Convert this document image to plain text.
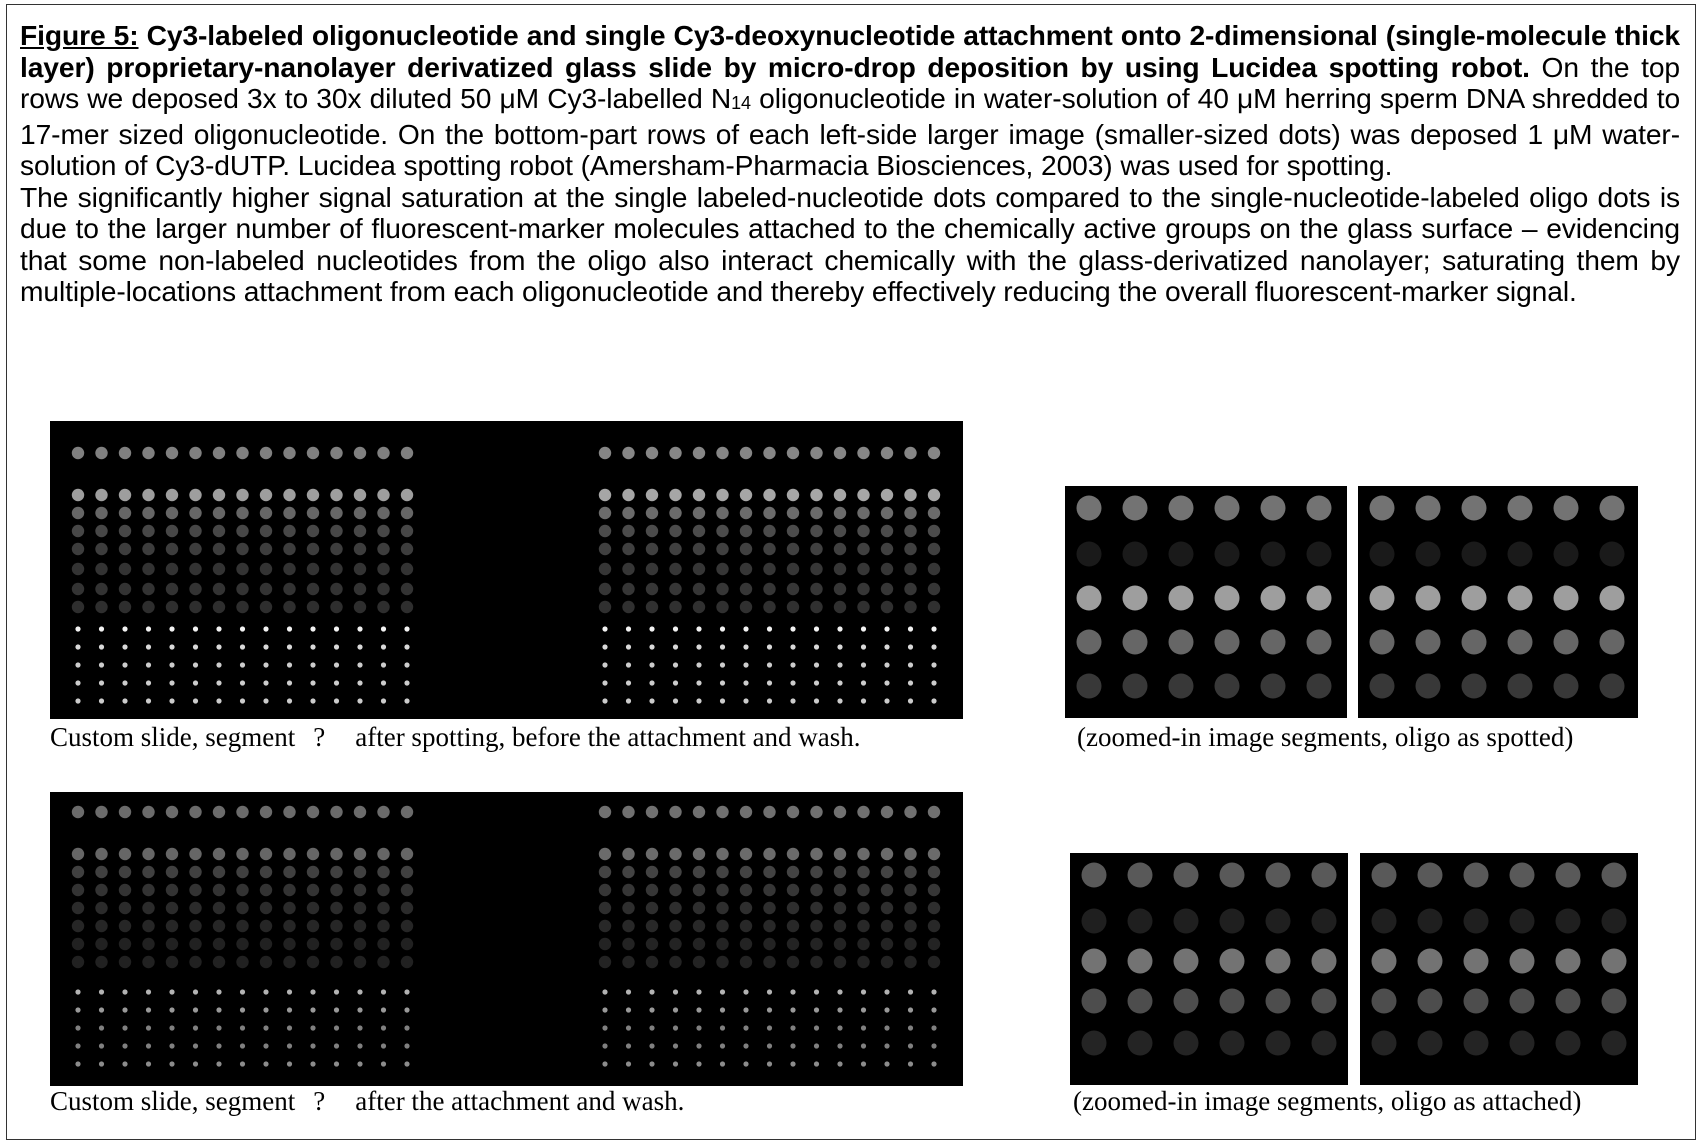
Figure 5: Cy3-labeled oligonucleotide and single Cy3-deoxynucleotide attachment onto 2-dimensional (single-molecule thick layer) proprietary-nanolayer derivatized glass slide by micro-drop deposition by using Lucidea spotting robot. On the top rows we deposed 3x to 30x diluted 50 μM Cy3-labelled $N_{14}$ oligonucleotide in water-solution of 40 μM herring sperm DNA shredded to 17-mer sized oligonucleotide. On the bottom-part rows of each left-side larger image (smaller-sized dots) was deposed 1 μM water-solution of Cy3-dUTP. Lucidea spotting robot (Amersham-Pharmacia Biosciences, 2003) was used for spotting.
The significantly higher signal saturation at the single labeled-nucleotide dots compared to the single-nucleotide-labeled oligo dots is due to the larger number of fluorescent-marker molecules attached to the chemically active groups on the glass surface – evidencing that some non-labeled nucleotides from the oligo also interact chemically with the glass-derivatized nanolayer; saturating them by multiple-locations attachment from each oligonucleotide and thereby effectively reducing the overall fluorescent-marker signal.
Custom slide, segment ? after spotting, before the attachment and wash.	(zoomed-in image segments, oligo as spotted)
Custom slide, segment ? after the attachment and wash.	(zoomed-in image segments, oligo as attached)
